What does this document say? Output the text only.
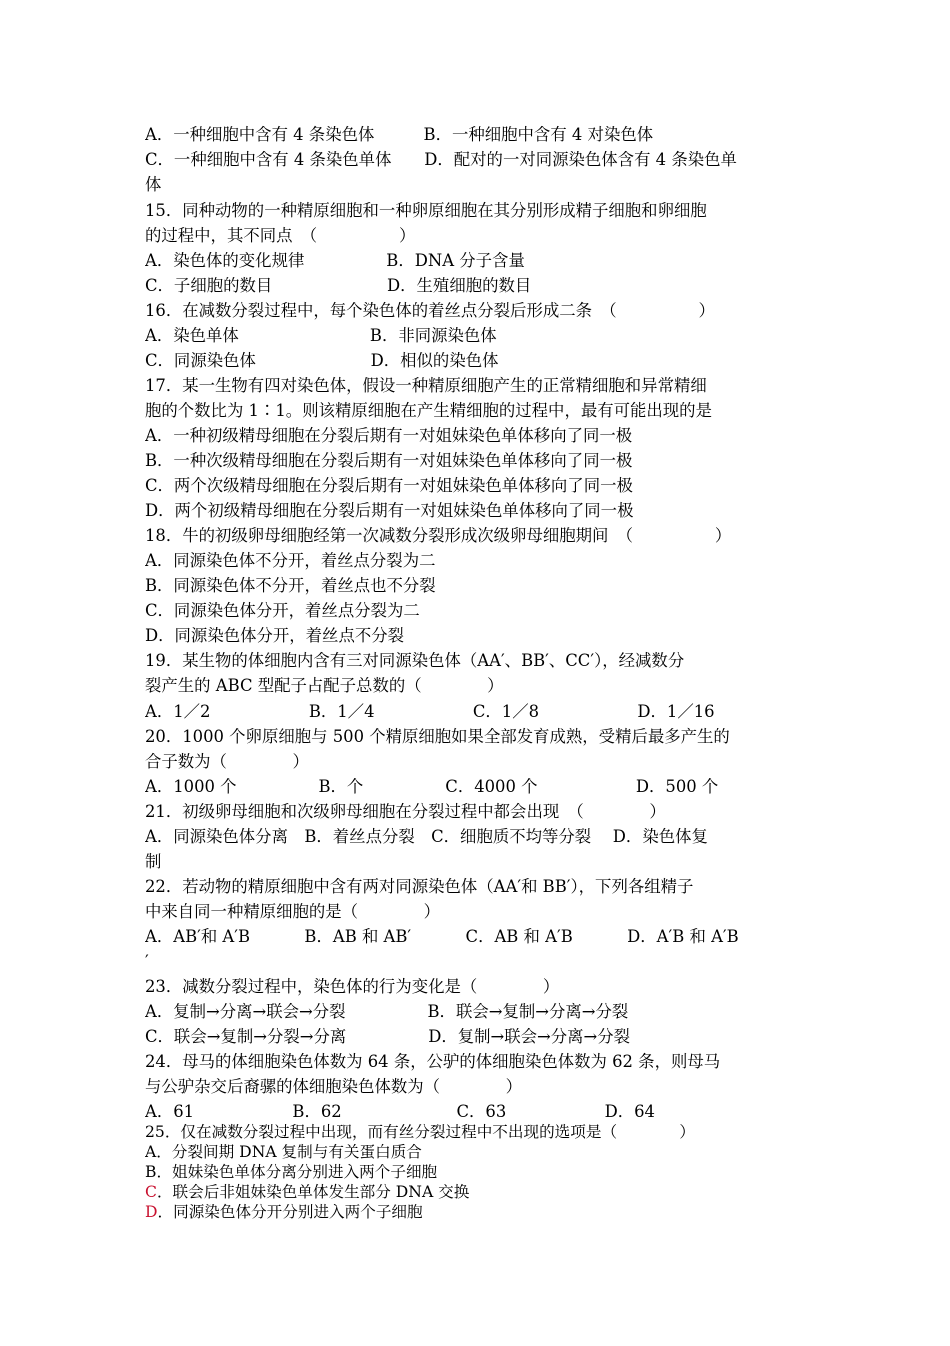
A．一种细胞中含有 4 条染色体　　　B．一种细胞中含有 4 对染色体
C．一种细胞中含有 4 条染色单体　　D．配对的一对同源染色体含有 4 条染色单
体
15．同种动物的一种精原细胞和一种卵原细胞在其分别形成精子细胞和卵细胞
的过程中，其不同点　（　　　　　）
A．染色体的变化规律　　　　　B．DNA 分子含量
C．子细胞的数目　　　　　　　D．生殖细胞的数目
16．在减数分裂过程中，每个染色体的着丝点分裂后形成二条　（　　　　　）
A．染色单体　　　　　　　　B．非同源染色体
C．同源染色体　　　　　　　D．相似的染色体
17．某一生物有四对染色体，假设一种精原细胞产生的正常精细胞和异常精细
胞的个数比为 1∶1。则该精原细胞在产生精细胞的过程中，最有可能出现的是
A．一种初级精母细胞在分裂后期有一对姐妹染色单体移向了同一极
B．一种次级精母细胞在分裂后期有一对姐妹染色单体移向了同一极
C．两个次级精母细胞在分裂后期有一对姐妹染色单体移向了同一极
D．两个初级精母细胞在分裂后期有一对姐妹染色单体移向了同一极
18．牛的初级卵母细胞经第一次减数分裂形成次级卵母细胞期间　（　　　　　）
A．同源染色体不分开，着丝点分裂为二
B．同源染色体不分开，着丝点也不分裂
C．同源染色体分开，着丝点分裂为二
D．同源染色体分开，着丝点不分裂
19．某生物的体细胞内含有三对同源染色体（AA′、BB′、CC′），经减数分
裂产生的 ABC 型配子占配子总数的（　　　　）
A．1／2　　　　　　B．1／4　　　　　　C．1／8　　　　　　D．1／16
20．1000 个卵原细胞与 500 个精原细胞如果全部发育成熟，受精后最多产生的
合子数为（　　　　）
A．1000 个　　　　　B．个　　　　　C．4000 个　　　　　　D．500 个
21．初级卵母细胞和次级卵母细胞在分裂过程中都会出现　（　　　　）
A．同源染色体分离　B．着丝点分裂　C．细胞质不均等分裂　 D．染色体复
制
22．若动物的精原细胞中含有两对同源染色体（AA′和 BB′），下列各组精子
中来自同一种精原细胞的是（　　　　）
A．AB′和 A′B　　　 B．AB 和 AB′　　　 C．AB 和 A′B　　　 D．A′B 和 A′B
′
23．减数分裂过程中，染色体的行为变化是（　　　　）
A．复制→分离→联会→分裂　　　　　B．联会→复制→分离→分裂
C．联会→复制→分裂→分离　　　　　D．复制→联会→分离→分裂
24．母马的体细胞染色体数为 64 条，公驴的体细胞染色体数为 62 条，则母马
与公驴杂交后裔骡的体细胞染色体数为（　　　　）
A．61　　　　　　B．62　　　　　　　C．63　　　　　　D．64
25．仅在减数分裂过程中出现，而有丝分裂过程中不出现的选项是（　　　　）
A．分裂间期 DNA 复制与有关蛋白质合
B．姐妹染色单体分离分别进入两个子细胞
C．联会后非姐妹染色单体发生部分 DNA 交换
D．同源染色体分开分别进入两个子细胞
